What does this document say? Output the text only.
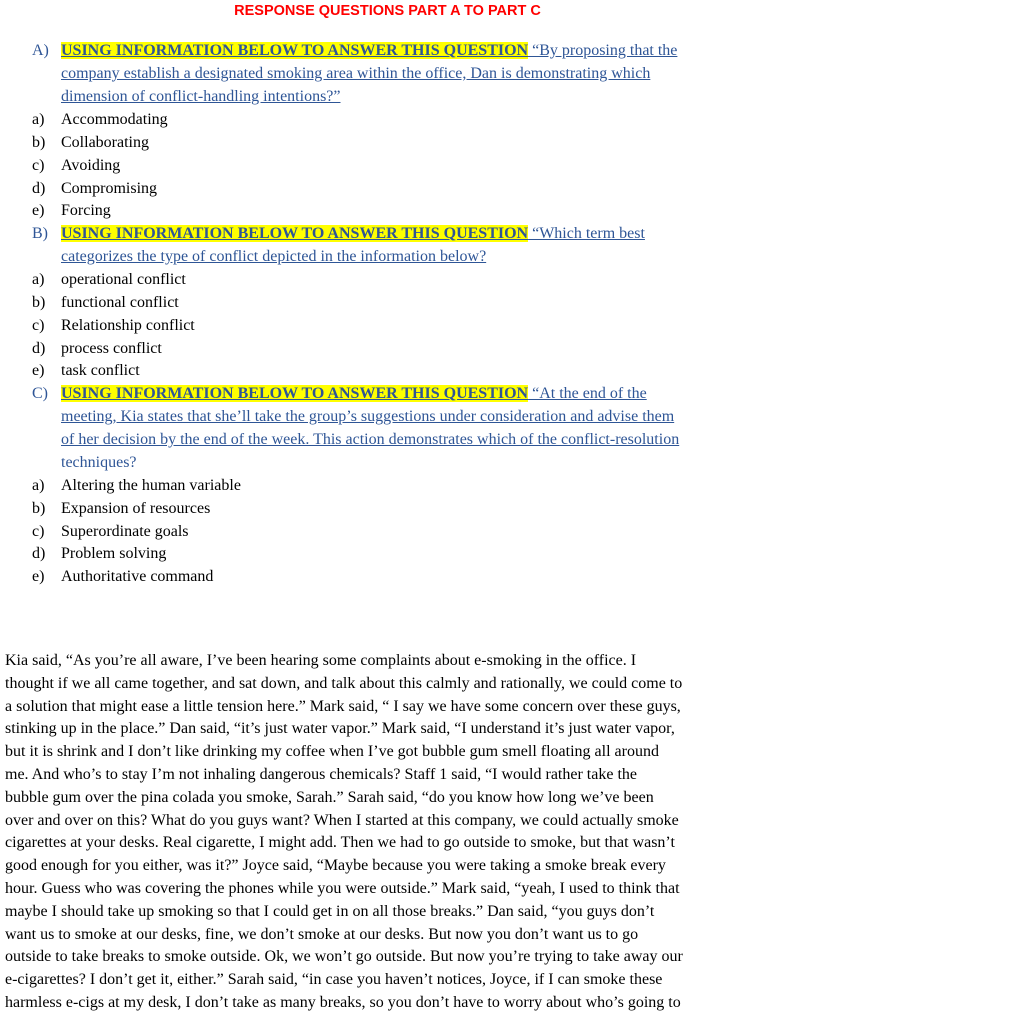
RESPONSE QUESTIONS PART A TO PART C
A) USING INFORMATION BELOW TO ANSWER THIS QUESTION “By proposing that the
company establish a designated smoking area within the office, Dan is demonstrating which
dimension of conflict-handling intentions?”
a) Accommodating
b) Collaborating
c) Avoiding
d) Compromising
e) Forcing
B) USING INFORMATION BELOW TO ANSWER THIS QUESTION “Which term best
categorizes the type of conflict depicted in the information below?
a) operational conflict
b) functional conflict
c) Relationship conflict
d) process conflict
e) task conflict
C) USING INFORMATION BELOW TO ANSWER THIS QUESTION “At the end of the
meeting, Kia states that she’ll take the group’s suggestions under consideration and advise them
of her decision by the end of the week. This action demonstrates which of the conflict-resolution
techniques?
a) Altering the human variable
b) Expansion of resources
c) Superordinate goals
d) Problem solving
e) Authoritative command
Kia said, “As you’re all aware, I’ve been hearing some complaints about e-smoking in the office. I
thought if we all came together, and sat down, and talk about this calmly and rationally, we could come to
a solution that might ease a little tension here.” Mark said, “ I say we have some concern over these guys,
stinking up in the place.” Dan said, “it’s just water vapor.” Mark said, “I understand it’s just water vapor,
but it is shrink and I don’t like drinking my coffee when I’ve got bubble gum smell floating all around
me. And who’s to stay I’m not inhaling dangerous chemicals? Staff 1 said, “I would rather take the
bubble gum over the pina colada you smoke, Sarah.” Sarah said, “do you know how long we’ve been
over and over on this? What do you guys want? When I started at this company, we could actually smoke
cigarettes at your desks. Real cigarette, I might add. Then we had to go outside to smoke, but that wasn’t
good enough for you either, was it?” Joyce said, “Maybe because you were taking a smoke break every
hour. Guess who was covering the phones while you were outside.” Mark said, “yeah, I used to think that
maybe I should take up smoking so that I could get in on all those breaks.” Dan said, “you guys don’t
want us to smoke at our desks, fine, we don’t smoke at our desks. But now you don’t want us to go
outside to take breaks to smoke outside. Ok, we won’t go outside. But now you’re trying to take away our
e-cigarettes? I don’t get it, either.” Sarah said, “in case you haven’t notices, Joyce, if I can smoke these
harmless e-cigs at my desk, I don’t take as many breaks, so you don’t have to worry about who’s going to
